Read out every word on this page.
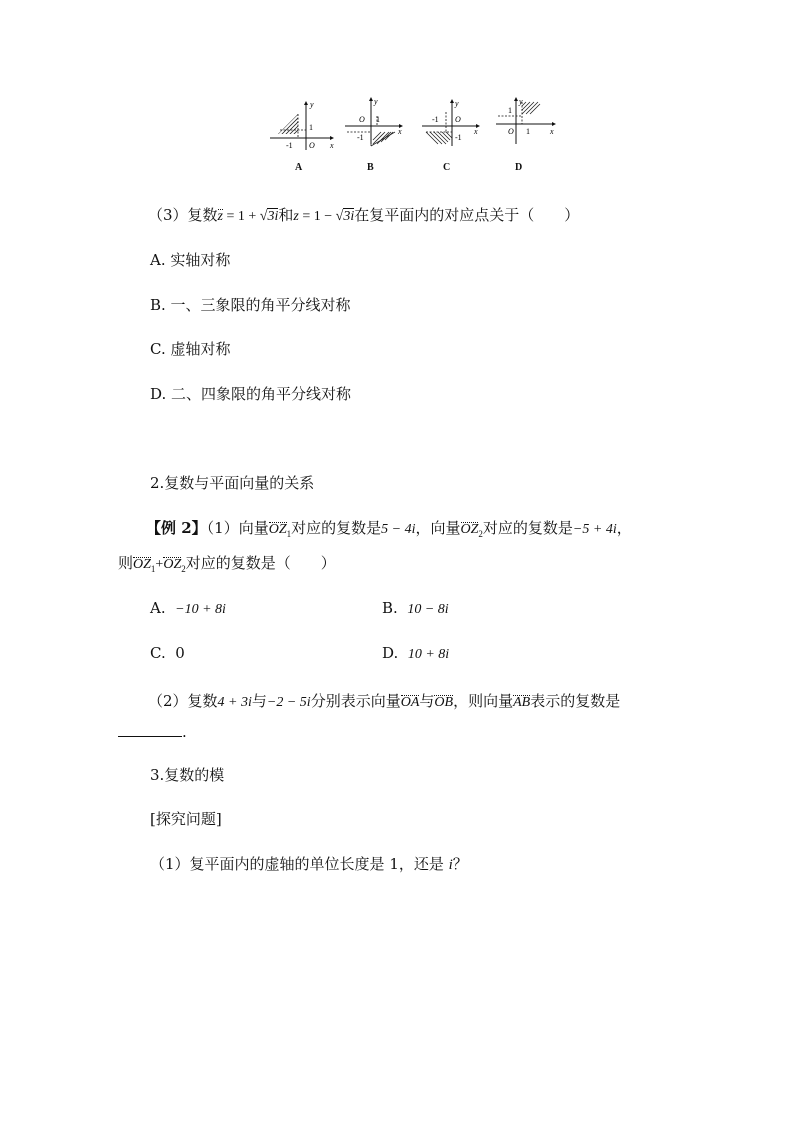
y
x
1
-1 O
A
y
x
O 1
-1
B
y
x
-1 O
-1
C
y
x
1
O 1
D
（3）复数z = 1 + √3i和z = 1 − √3i在复平面内的对应点关于（　　）
A. 实轴对称
B. 一、三象限的角平分线对称
C. 虚轴对称
D. 二、四象限的角平分线对称
2.复数与平面向量的关系
【例 2】（1）向量$OZ_1$对应的复数是5 − 4i，向量$OZ_2$对应的复数是−5 + 4i，
则$OZ_1+OZ_2$对应的复数是（　　）
A. −10 + 8i	B. 10 − 8i
C. 0	D. 10 + 8i
（2）复数4 + 3i与−2 − 5i分别表示向量OA与OB，则向量AB表示的复数是
.
3.复数的模
[探究问题]
（1）复平面内的虚轴的单位长度是 1，还是 i？
